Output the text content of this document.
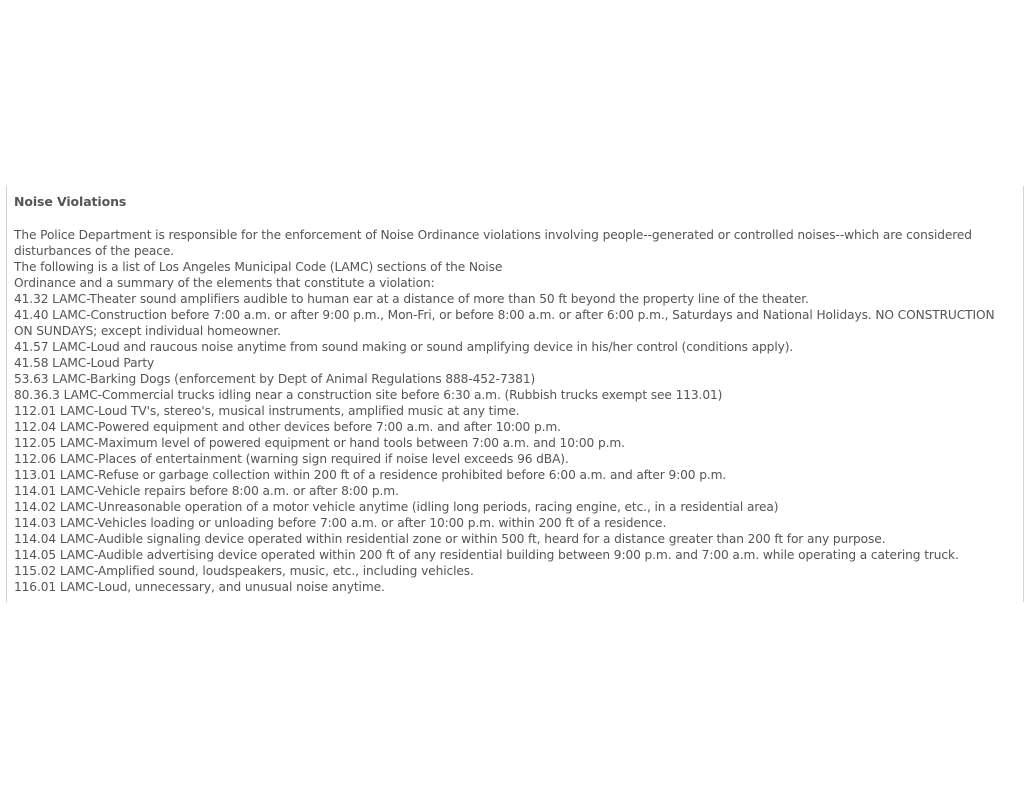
Noise Violations

The Police Department is responsible for the enforcement of Noise Ordinance violations involving people--generated or controlled noises--which are considered disturbances of the peace.

The following is a list of Los Angeles Municipal Code (LAMC) sections of the Noise

Ordinance and a summary of the elements that constitute a violation:

41.32 LAMC-Theater sound amplifiers audible to human ear at a distance of more than 50 ft beyond the property line of the theater.
41.40 LAMC-Construction before 7:00 a.m. or after 9:00 p.m., Mon-Fri, or before 8:00 a.m. or after 6:00 p.m., Saturdays and National Holidays. NO CONSTRUCTION ON SUNDAYS; except individual homeowner.
41.57 LAMC-Loud and raucous noise anytime from sound making or sound amplifying device in his/her control (conditions apply).
41.58 LAMC-Loud Party
53.63 LAMC-Barking Dogs (enforcement by Dept of Animal Regulations 888-452-7381)
80.36.3 LAMC-Commercial trucks idling near a construction site before 6:30 a.m. (Rubbish trucks exempt see 113.01)
112.01 LAMC-Loud TV's, stereo's, musical instruments, amplified music at any time.
112.04 LAMC-Powered equipment and other devices before 7:00 a.m. and after 10:00 p.m.
112.05 LAMC-Maximum level of powered equipment or hand tools between 7:00 a.m. and 10:00 p.m.
112.06 LAMC-Places of entertainment (warning sign required if noise level exceeds 96 dBA).
113.01 LAMC-Refuse or garbage collection within 200 ft of a residence prohibited before 6:00 a.m. and after 9:00 p.m.
114.01 LAMC-Vehicle repairs before 8:00 a.m. or after 8:00 p.m.
114.02 LAMC-Unreasonable operation of a motor vehicle anytime (idling long periods, racing engine, etc., in a residential area)
114.03 LAMC-Vehicles loading or unloading before 7:00 a.m. or after 10:00 p.m. within 200 ft of a residence.
114.04 LAMC-Audible signaling device operated within residential zone or within 500 ft, heard for a distance greater than 200 ft for any purpose.
114.05 LAMC-Audible advertising device operated within 200 ft of any residential building between 9:00 p.m. and 7:00 a.m. while operating a catering truck.
115.02 LAMC-Amplified sound, loudspeakers, music, etc., including vehicles.
116.01 LAMC-Loud, unnecessary, and unusual noise anytime.
